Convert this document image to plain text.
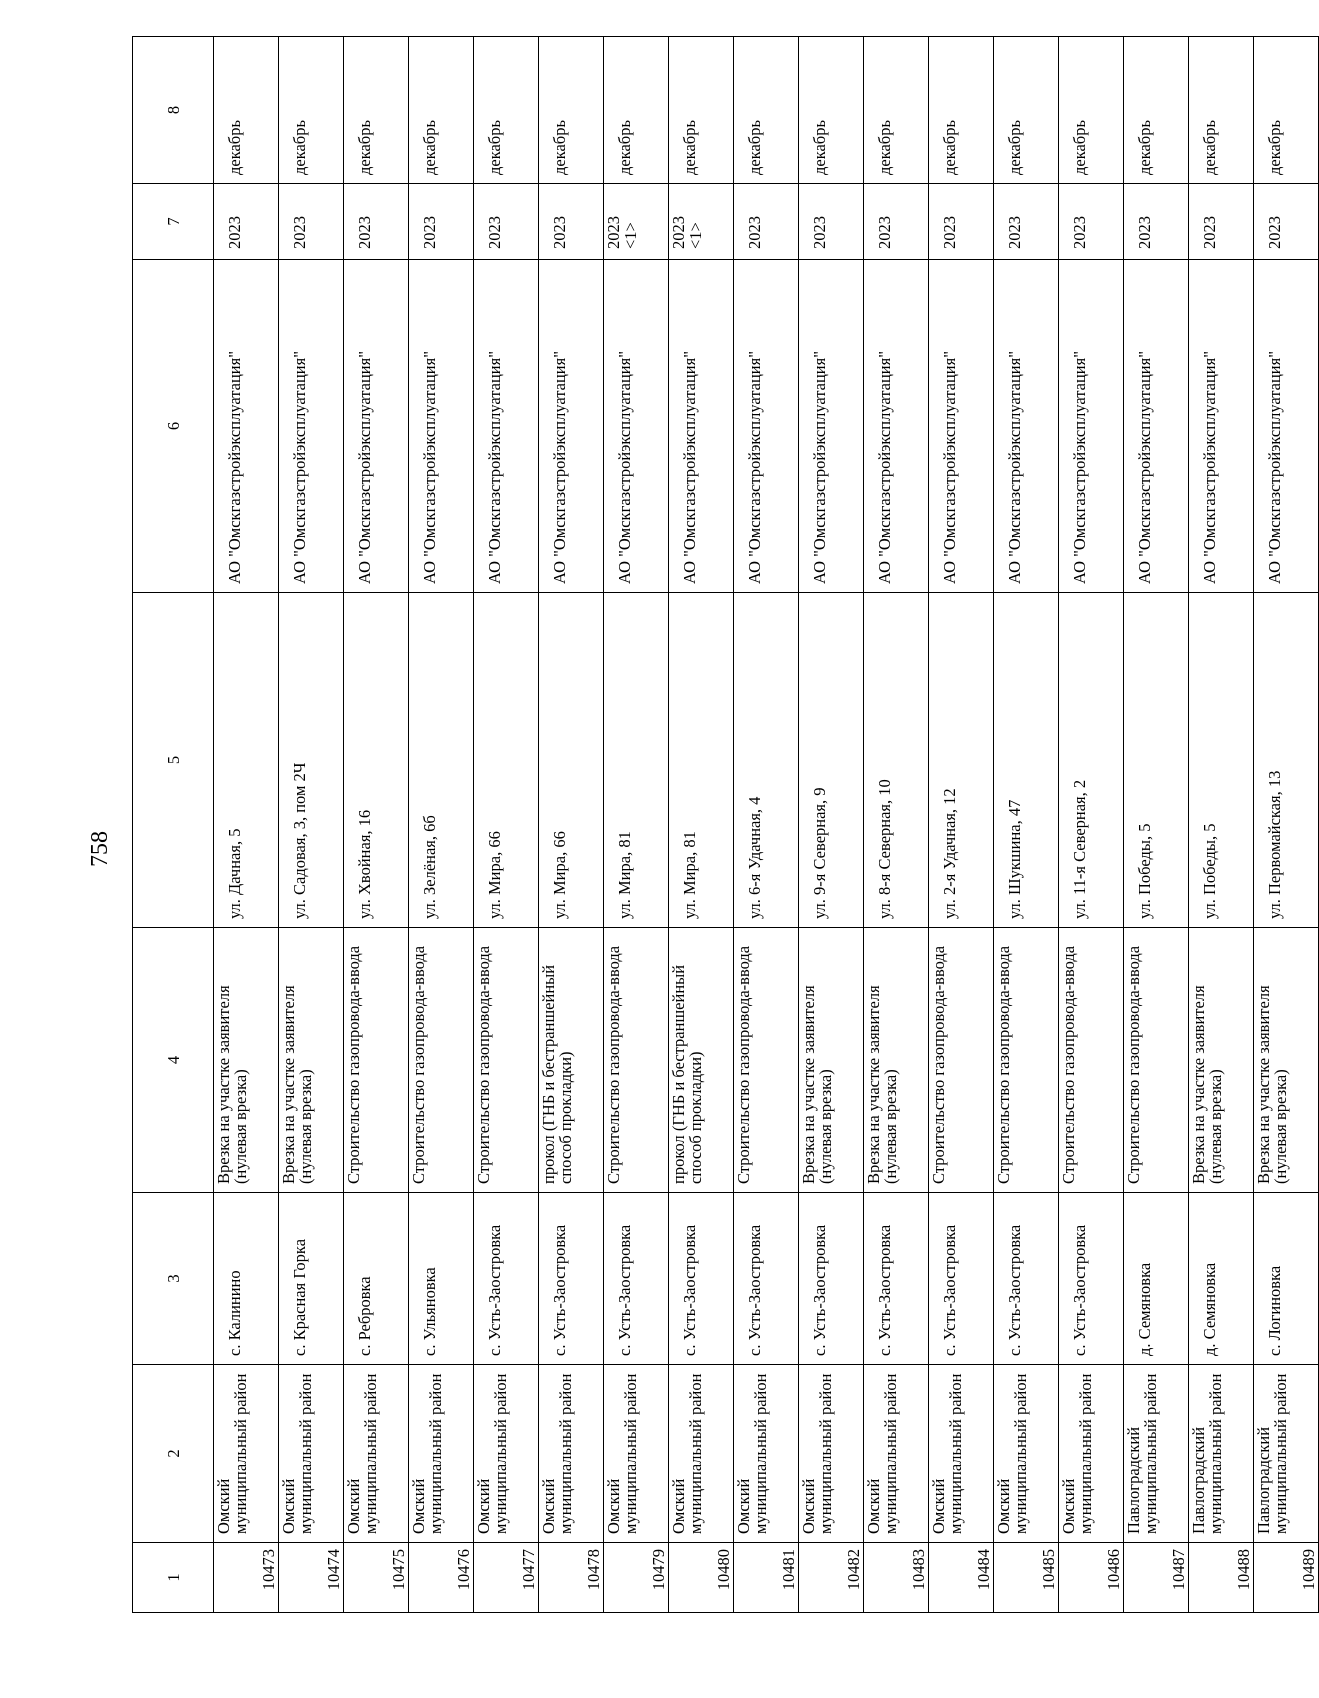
758
1	2	3	4	5	6	7	8
10473	Омский муниципальный район	с. Калинино	Врезка на участке заявителя (нулевая врезка)	ул. Дачная, 5	АО "Омскгазстройэксплуатация"	2023	декабрь
10474	Омский муниципальный район	с. Красная Горка	Врезка на участке заявителя (нулевая врезка)	ул. Садовая, 3, пом 2Ч	АО "Омскгазстройэксплуатация"	2023	декабрь
10475	Омский муниципальный район	с. Ребровка	Строительство газопровода-ввода	ул. Хвойная, 16	АО "Омскгазстройэксплуатация"	2023	декабрь
10476	Омский муниципальный район	с. Ульяновка	Строительство газопровода-ввода	ул. Зелёная, 6б	АО "Омскгазстройэксплуатация"	2023	декабрь
10477	Омский муниципальный район	с. Усть-Заостровка	Строительство газопровода-ввода	ул. Мира, 66	АО "Омскгазстройэксплуатация"	2023	декабрь
10478	Омский муниципальный район	с. Усть-Заостровка	прокол (ГНБ и бестраншейный способ прокладки)	ул. Мира, 66	АО "Омскгазстройэксплуатация"	2023	декабрь
10479	Омский муниципальный район	с. Усть-Заостровка	Строительство газопровода-ввода	ул. Мира, 81	АО "Омскгазстройэксплуатация"	2023 <1>	декабрь
10480	Омский муниципальный район	с. Усть-Заостровка	прокол (ГНБ и бестраншейный способ прокладки)	ул. Мира, 81	АО "Омскгазстройэксплуатация"	2023 <1>	декабрь
10481	Омский муниципальный район	с. Усть-Заостровка	Строительство газопровода-ввода	ул. 6-я Удачная, 4	АО "Омскгазстройэксплуатация"	2023	декабрь
10482	Омский муниципальный район	с. Усть-Заостровка	Врезка на участке заявителя (нулевая врезка)	ул. 9-я Северная, 9	АО "Омскгазстройэксплуатация"	2023	декабрь
10483	Омский муниципальный район	с. Усть-Заостровка	Врезка на участке заявителя (нулевая врезка)	ул. 8-я Северная, 10	АО "Омскгазстройэксплуатация"	2023	декабрь
10484	Омский муниципальный район	с. Усть-Заостровка	Строительство газопровода-ввода	ул. 2-я Удачная, 12	АО "Омскгазстройэксплуатация"	2023	декабрь
10485	Омский муниципальный район	с. Усть-Заостровка	Строительство газопровода-ввода	ул. Шукшина, 47	АО "Омскгазстройэксплуатация"	2023	декабрь
10486	Омский муниципальный район	с. Усть-Заостровка	Строительство газопровода-ввода	ул. 11-я Северная, 2	АО "Омскгазстройэксплуатация"	2023	декабрь
10487	Павлоградский муниципальный район	д. Семяновка	Строительство газопровода-ввода	ул. Победы, 5	АО "Омскгазстройэксплуатация"	2023	декабрь
10488	Павлоградский муниципальный район	д. Семяновка	Врезка на участке заявителя (нулевая врезка)	ул. Победы, 5	АО "Омскгазстройэксплуатация"	2023	декабрь
10489	Павлоградский муниципальный район	с. Логиновка	Врезка на участке заявителя (нулевая врезка)	ул. Первомайская, 13	АО "Омскгазстройэксплуатация"	2023	декабрь
